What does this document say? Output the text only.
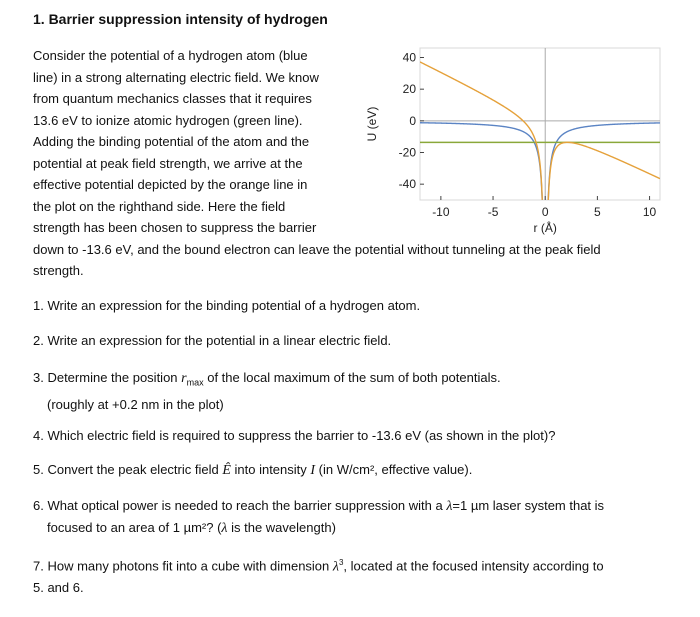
1. Barrier suppression intensity of hydrogen
Consider the potential of a hydrogen atom (blue
line) in a strong alternating electric field. We know
from quantum mechanics classes that it requires
13.6 eV to ionize atomic hydrogen (green line).
Adding the binding potential of the atom and the
potential at peak field strength, we arrive at the
effective potential depicted by the orange line in
the plot on the righthand side. Here the field
strength has been chosen to suppress the barrier
down to -13.6 eV, and the bound electron can leave the potential without tunneling at the peak field
strength.
1. Write an expression for the binding potential of a hydrogen atom.
2. Write an expression for the potential in a linear electric field.
3. Determine the position $r_{max}$ of the local maximum of the sum of both potentials.
(roughly at +0.2 nm in the plot)
4. Which electric field is required to suppress the barrier to -13.6 eV (as shown in the plot)?
5. Convert the peak electric field Ê into intensity I (in W/cm², effective value).
6. What optical power is needed to reach the barrier suppression with a λ=1 µm laser system that is
focused to an area of 1 µm²? (λ is the wavelength)
7. How many photons fit into a cube with dimension $\lambda^3$, located at the focused intensity according to
5. and 6.
40
20
0
-20
-40
-10	-5	0	5	10
r (Å)
U (eV)
